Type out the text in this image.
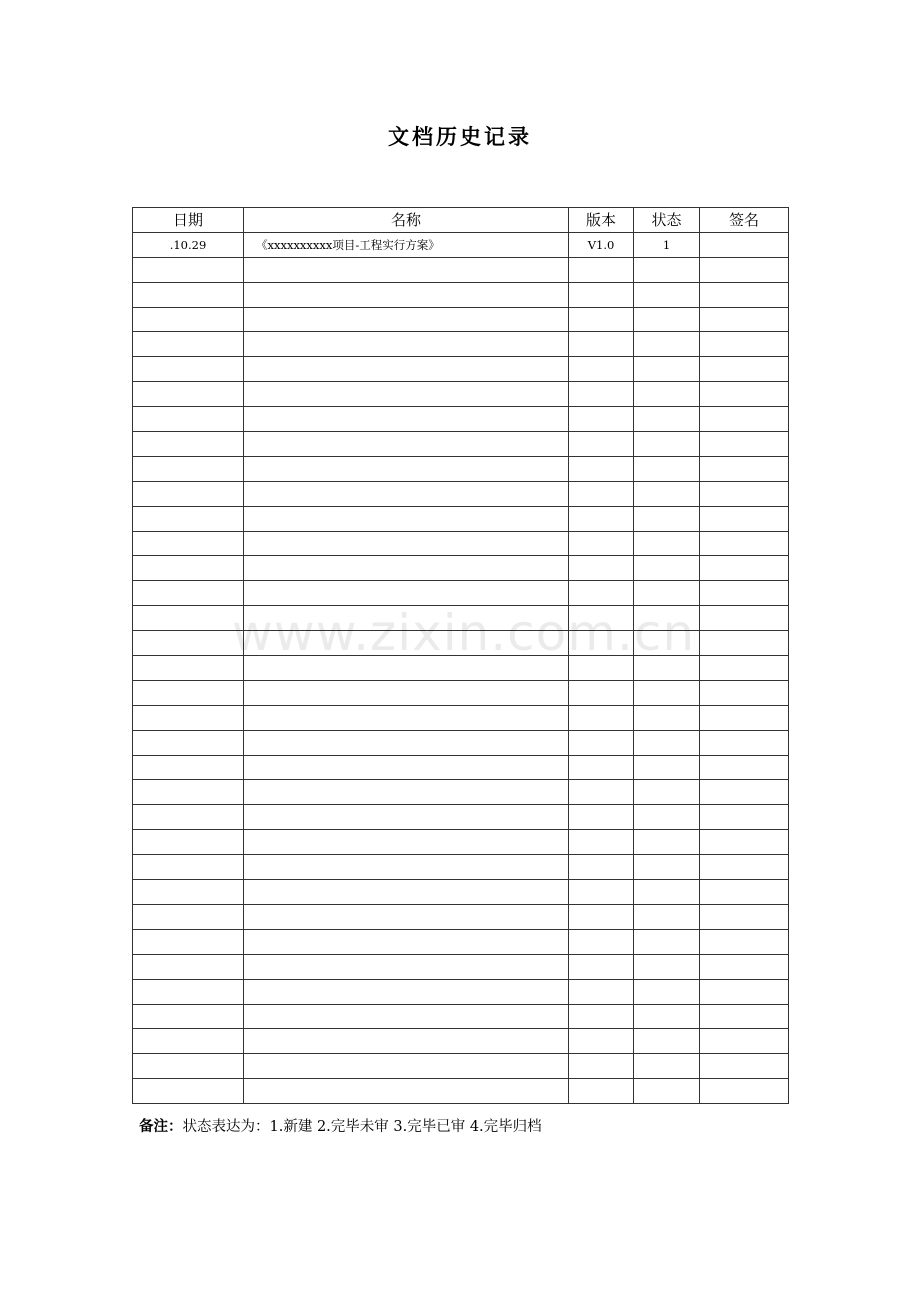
文档历史记录
日期	名称	版本	状态	签名
.10.29	《xxxxxxxxxx项目-工程实行方案》	V1.0	1	

备注：状态表达为：1.新建 2.完毕未审 3.完毕已审 4.完毕归档
www.zixin.com.cn
